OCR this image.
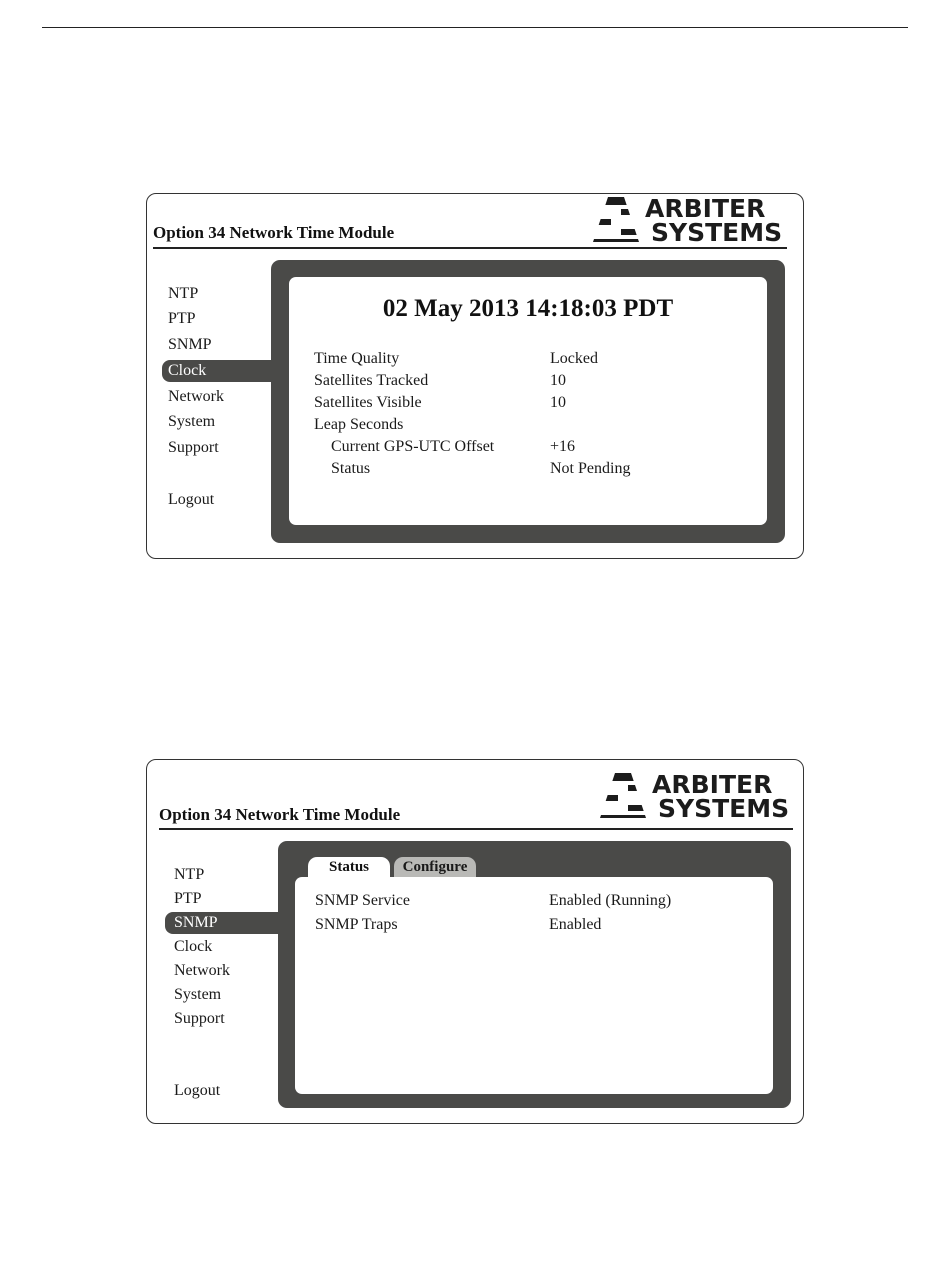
Option 34 Network Time Module
ARBITER
SYSTEMS
NTP
PTP
SNMP
Clock
Network
System
Support
Logout
02 May 2013 14:18:03 PDT
Time Quality	Locked
Satellites Tracked	10
Satellites Visible	10
Leap Seconds
Current GPS-UTC Offset	+16
Status	Not Pending
Option 34 Network Time Module
ARBITER
SYSTEMS
NTP
PTP
SNMP
Clock
Network
System
Support
Logout
Status	Configure
SNMP Service	Enabled (Running)
SNMP Traps	Enabled
